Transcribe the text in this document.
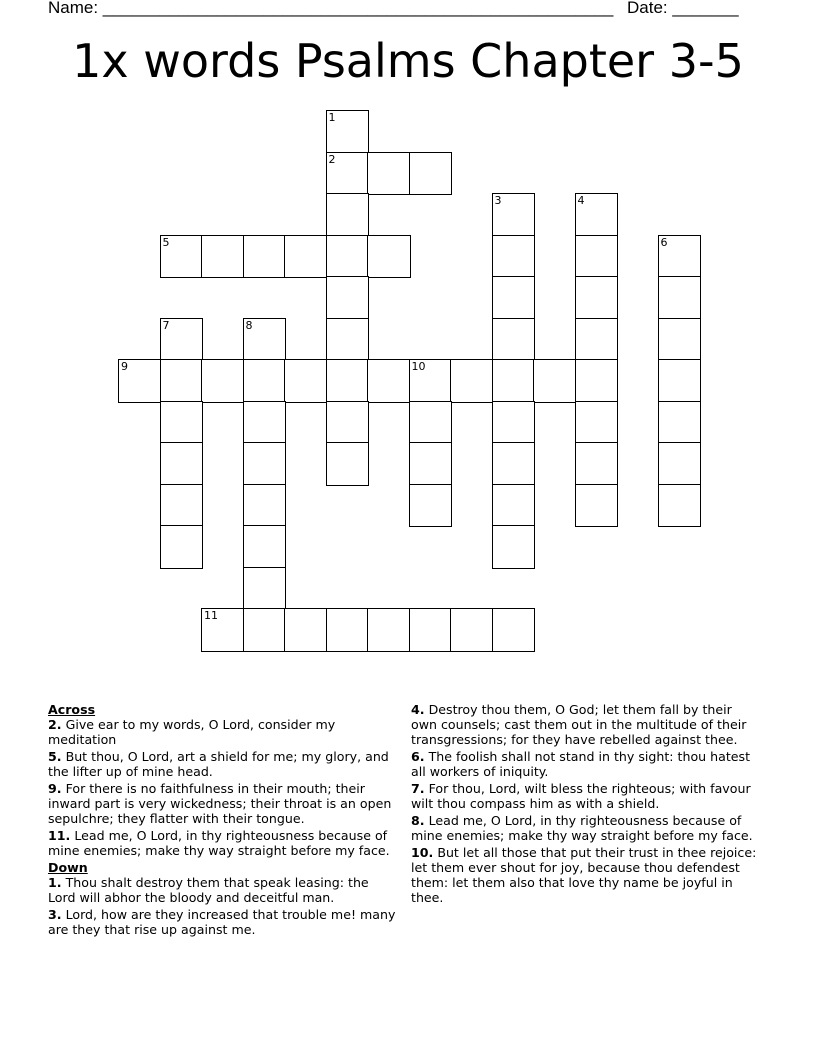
Name: ______________________________________________________ Date: _______
1x words Psalms Chapter 3-5
1
2
3	4
5	6
7	8
9	10
11
Across
2. Give ear to my words, O Lord, consider my meditation
5. But thou, O Lord, art a shield for me; my glory, and the lifter up of mine head.
9. For there is no faithfulness in their mouth; their inward part is very wickedness; their throat is an open sepulchre; they flatter with their tongue.
11. Lead me, O Lord, in thy righteousness because of mine enemies; make thy way straight before my face.
Down
1. Thou shalt destroy them that speak leasing: the Lord will abhor the bloody and deceitful man.
3. Lord, how are they increased that trouble me! many are they that rise up against me.
4. Destroy thou them, O God; let them fall by their own counsels; cast them out in the multitude of their transgressions; for they have rebelled against thee.
6. The foolish shall not stand in thy sight: thou hatest all workers of iniquity.
7. For thou, Lord, wilt bless the righteous; with favour wilt thou compass him as with a shield.
8. Lead me, O Lord, in thy righteousness because of mine enemies; make thy way straight before my face.
10. But let all those that put their trust in thee rejoice: let them ever shout for joy, because thou defendest them: let them also that love thy name be joyful in thee.
